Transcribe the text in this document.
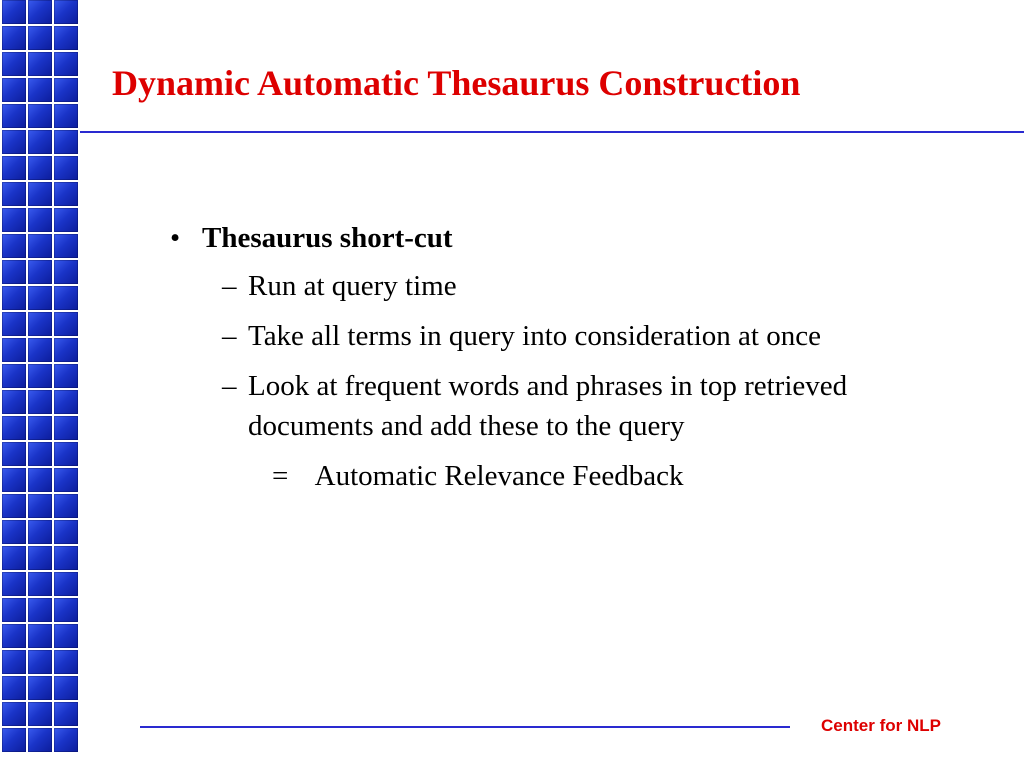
Dynamic Automatic Thesaurus Construction
• Thesaurus short-cut
– Run at query time
– Take all terms in query into consideration at once
– Look at frequent words and phrases in top retrieved documents and add these to the query
= Automatic Relevance Feedback
Center for NLP
